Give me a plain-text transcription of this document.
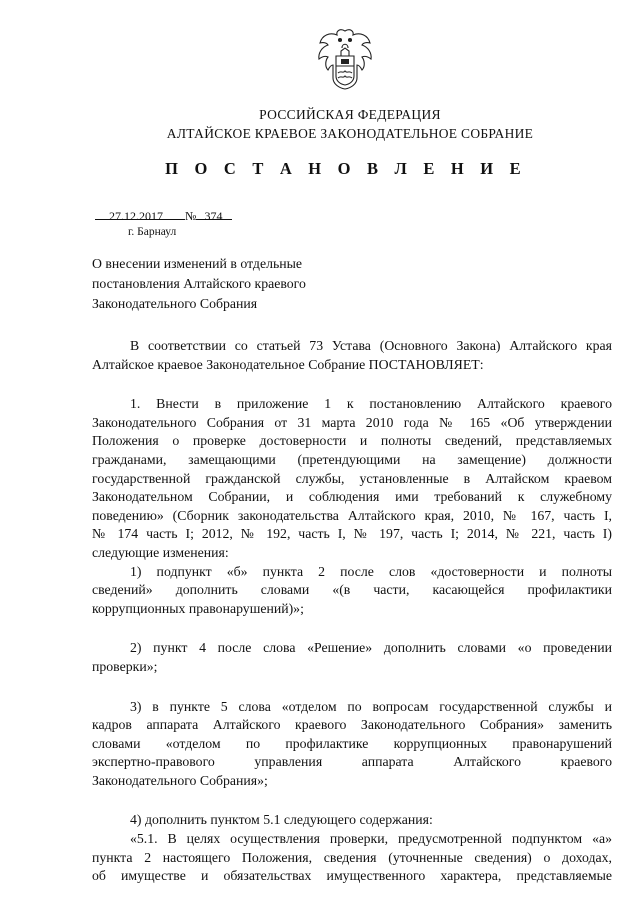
РОССИЙСКАЯ ФЕДЕРАЦИЯ
АЛТАЙСКОЕ КРАЕВОЕ ЗАКОНОДАТЕЛЬНОЕ СОБРАНИЕ
П О С Т А Н О В Л Е Н И Е
27.12.2017 № 374
г. Барнаул
О внесении изменений в отдельные
постановления Алтайского краевого
Законодательного Собрания
В соответствии со статьей 73 Устава (Основного Закона) Алтайского края
Алтайское краевое Законодательное Собрание ПОСТАНОВЛЯЕТ:
1. Внести в приложение 1 к постановлению Алтайского краевого
Законодательного Собрания от 31 марта 2010 года № 165 «Об утверждении
Положения о проверке достоверности и полноты сведений, представляемых
гражданами, замещающими (претендующими на замещение) должности
государственной гражданской службы, установленные в Алтайском краевом
Законодательном Собрании, и соблюдения ими требований к служебному
поведению» (Сборник законодательства Алтайского края, 2010, № 167, часть I,
№ 174 часть I; 2012, № 192, часть I, № 197, часть I; 2014, № 221, часть I)
следующие изменения:
1) подпункт «б» пункта 2 после слов «достоверности и полноты
сведений» дополнить словами «(в части, касающейся профилактики
коррупционных правонарушений)»;
2) пункт 4 после слова «Решение» дополнить словами «о проведении
проверки»;
3) в пункте 5 слова «отделом по вопросам государственной службы и
кадров аппарата Алтайского краевого Законодательного Собрания» заменить
словами «отделом по профилактике коррупционных правонарушений
экспертно-правового управления аппарата Алтайского краевого
Законодательного Собрания»;
4) дополнить пунктом 5.1 следующего содержания:
«5.1. В целях осуществления проверки, предусмотренной подпунктом «а»
пункта 2 настоящего Положения, сведения (уточненные сведения) о доходах,
об имуществе и обязательствах имущественного характера, представляемые
